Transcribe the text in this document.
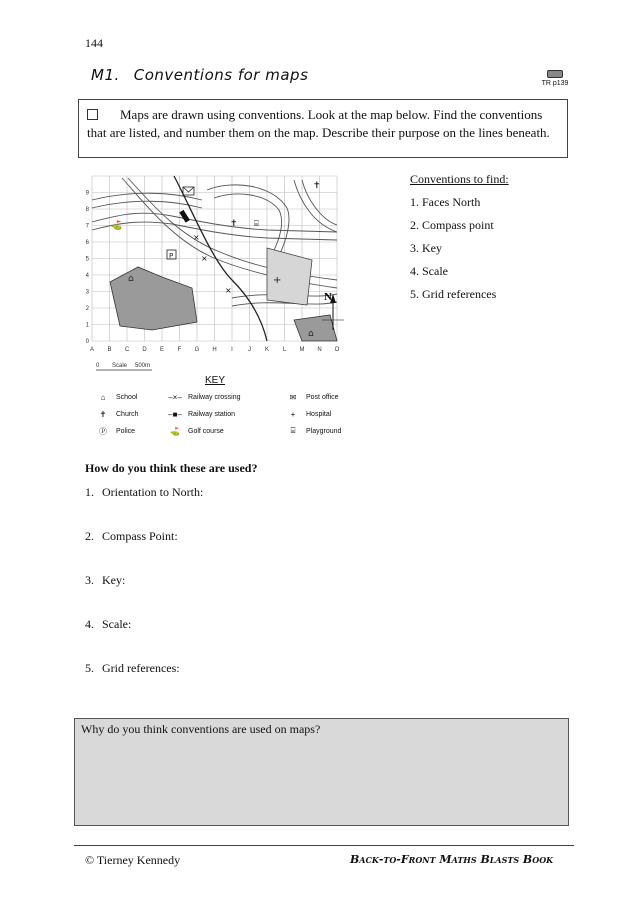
144
M1. Conventions for maps	TR p139
Maps are drawn using conventions. Look at the map below. Find the conventions that are listed, and number them on the map. Describe their purpose on the lines beneath.
Conventions to find:
1. Faces North
2. Compass point
3. Key
4. Scale
5. Grid references
×
×
×
⌂
⌂
✝
✝
⛳
P
⌸
+
N
A B C D E F G H I	J K L M N O
0
1
2
3
4
5
6
7
8
9
0 Scale 500m
KEY
⌂	School	–×– Railway crossing	✉	Post office
✝	Church	–■– Railway station	+	Hospital
Ⓟ	Police	⛳ Golf course	⌸	Playground
How do you think these are used?
1. Orientation to North:
2. Compass Point:
3. Key:
4. Scale:
5. Grid references:
Why do you think conventions are used on maps?
© Tierney Kennedy	Back-to-Front Maths Blasts Book
